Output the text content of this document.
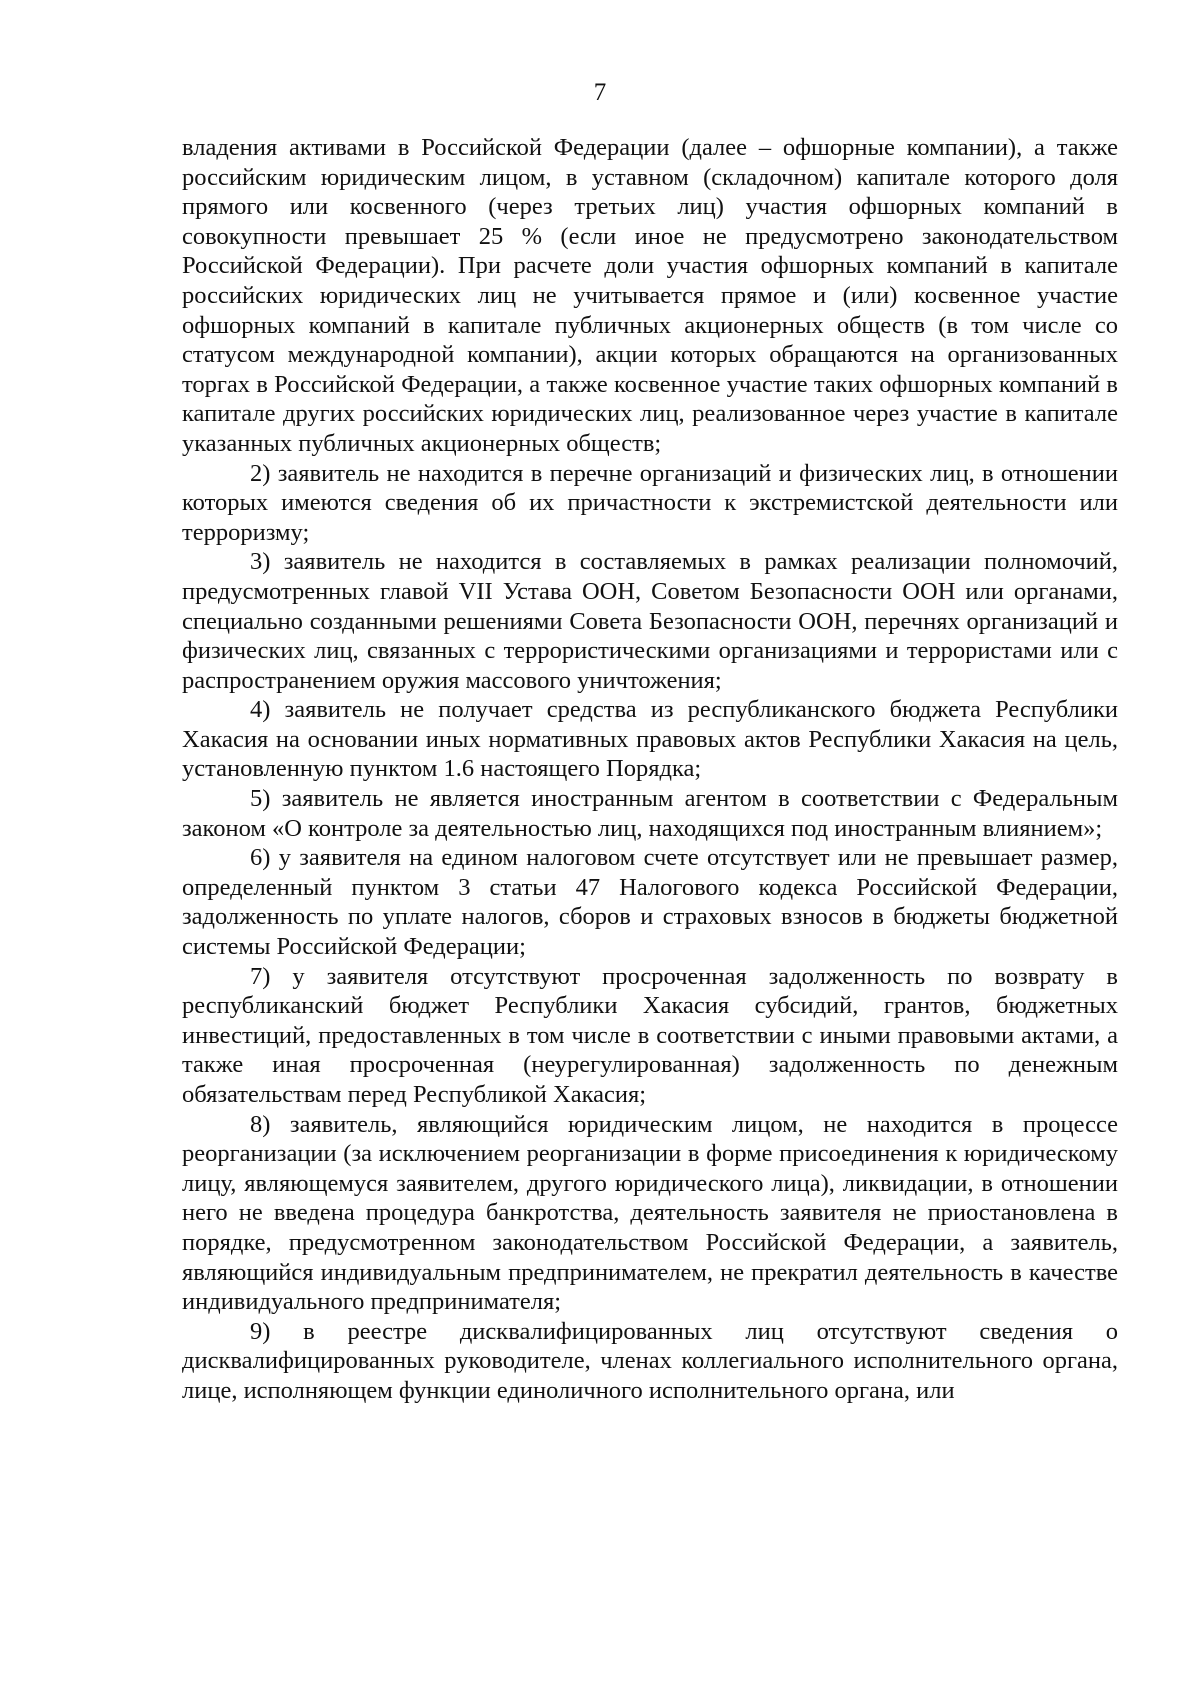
7

владения активами в Российской Федерации (далее – офшорные компании), а также российским юридическим лицом, в уставном (складочном) капитале которого доля прямого или косвенного (через третьих лиц) участия офшорных компаний в совокупности превышает 25 % (если иное не предусмотрено законодательством Российской Федерации). При расчете доли участия офшорных компаний в капитале российских юридических лиц не учитывается прямое и (или) косвенное участие офшорных компаний в капитале публичных акционерных обществ (в том числе со статусом международной компании), акции которых обращаются на организованных торгах в Российской Федерации, а также косвенное участие таких офшорных компаний в капитале других российских юридических лиц, реализованное через участие в капитале указанных публичных акционерных обществ;

2) заявитель не находится в перечне организаций и физических лиц, в отношении которых имеются сведения об их причастности к экстремистской деятельности или терроризму;

3) заявитель не находится в составляемых в рамках реализации полномочий, предусмотренных главой VII Устава ООН, Советом Безопасности ООН или органами, специально созданными решениями Совета Безопасности ООН, перечнях организаций и физических лиц, связанных с террористическими организациями и террористами или с распространением оружия массового уничтожения;

4) заявитель не получает средства из республиканского бюджета Республики Хакасия на основании иных нормативных правовых актов Республики Хакасия на цель, установленную пунктом 1.6 настоящего Порядка;

5) заявитель не является иностранным агентом в соответствии с Федеральным законом «О контроле за деятельностью лиц, находящихся под иностранным влиянием»;

6) у заявителя на едином налоговом счете отсутствует или не превышает размер, определенный пунктом 3 статьи 47 Налогового кодекса Российской Федерации, задолженность по уплате налогов, сборов и страховых взносов в бюджеты бюджетной системы Российской Федерации;

7) у заявителя отсутствуют просроченная задолженность по возврату в республиканский бюджет Республики Хакасия субсидий, грантов, бюджетных инвестиций, предоставленных в том числе в соответствии с иными правовыми актами, а также иная просроченная (неурегулированная) задолженность по денежным обязательствам перед Республикой Хакасия;

8) заявитель, являющийся юридическим лицом, не находится в процессе реорганизации (за исключением реорганизации в форме присоединения к юридическому лицу, являющемуся заявителем, другого юридического лица), ликвидации, в отношении него не введена процедура банкротства, деятельность заявителя не приостановлена в порядке, предусмотренном законодательством Российской Федерации, а заявитель, являющийся индивидуальным предпринимателем, не прекратил деятельность в качестве индивидуального предпринимателя;

9) в реестре дисквалифицированных лиц отсутствуют сведения о дисквалифицированных руководителе, членах коллегиального исполнительного органа, лице, исполняющем функции единоличного исполнительного органа, или
